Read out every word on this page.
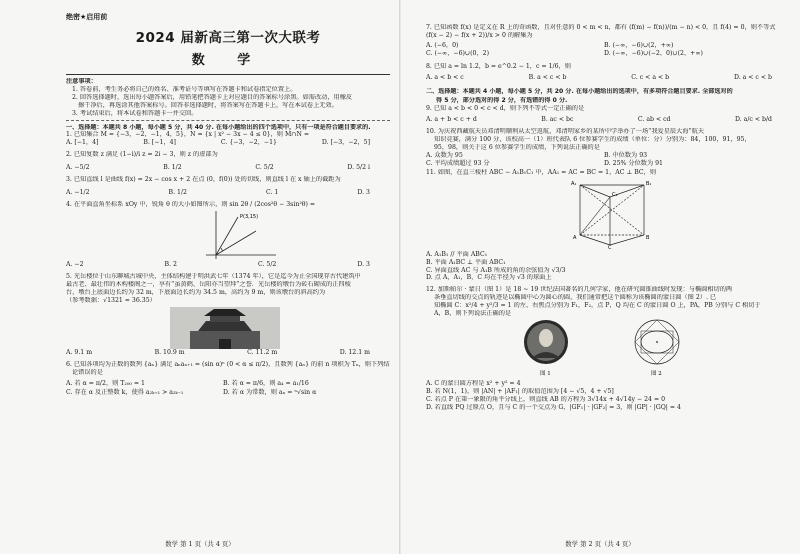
绝密★启用前
2024 届新高三第一次大联考
数 学
注意事项：
1. 答卷前，考生务必将自己的姓名、准考证号等填写在答题卡和试卷指定位置上。
2. 回答选择题时，选出每小题答案后，用铅笔把答题卡上对应题目的答案标号涂黑。如需改动，用橡皮
擦干净后，再选涂其他答案标号。回答非选择题时，将答案写在答题卡上，写在本试卷上无效。
3. 考试结束后，将本试卷和答题卡一并交回。
一、选择题：本题共 8 小题，每小题 5 分，共 40 分. 在每小题给出的四个选项中，只有一项是符合题目要求的.
1. 已知集合 M = {−3，−2，−1，4，5}，N = {x | x² − 3x − 4 ≤ 0}，则 M∩N =
A. [−1，4]	B. [−1，4]	C. {−3，−2，−1}	D. [−3，−2，5]
2. 已知复数 z 满足 (1−i)/i z = 2i − 3，则 z 的虚部为
A. −5/2	B. 1/2	C. 5/2	D. 5/2 i
3. 已知直线 l 是曲线 f(x) = 2x − cos x + 2 在点 (0，f(0)) 处的切线，则直线 l 在 x 轴上的截距为
A. −1/2	B. 1/2	C. 1	D. 3
4. 在平面直角坐标系 xOy 中，锐角 θ 的大小如图所示，则 sin 2θ / (2cos²θ − 3sin²θ) =
P(3,15)
A. −2	B. 2	C. 5/2	D. 3
5. 光岳楼位于山东聊城古城中央，主体结构建于明洪武七年（1374 年），它是迄今为止全国现存古代建筑中
最古老、最壮伟的木构楼阁之一，享有“虽黄鹤、岳阳亦当望拜”之誉．光岳楼的墩台为砖石砌成的正四棱
台，墩台上底面边长约为 32 m，下底面边长约为 34.5 m，高约为 9 m，则该墩台的斜高约为
（参考数据：√1321 ≈ 36.35）
A. 9.1 m	B. 10.9 m	C. 11.2 m	D. 12.1 m
6. 已知各项均为正数的数列 {aₙ} 满足 aₙaₙ₊₁ = (sin α)ⁿ (0 < α ≤ π/2)，且数列 {aₙ} 的前 n 项积为 Tₙ，则下列结
论错误的是
A. 若 α = π/2，则 T₂₀₀ = 1	B. 若 α = π/6，则 a₄ = a₁/16
C. 存在 α 及正整数 k，使得 a₂ₖ₊₁ > a₂ₖ₋₁	D. 若 α 为常数，则 aₙ = ⁿ√sin α
数学 第 1 页（共 4 页）
7. 已知函数 f(x) 是定义在 R 上的奇函数，且对任意的 0 < m < n，都有 (f(m) − f(n))/(m − n) < 0，且 f(4) = 0，则不等式
(f(x − 2) − f(x + 2))/x > 0 的解集为
A. (−6，0)	B. (−∞，−6)∪(2，+∞)
C. (−∞，−6)∪(0，2)	D. (−∞，−6)∪(−2，0)∪(2，+∞)
8. 已知 a = ln 1.2，b = e^0.2 − 1，c = 1/6，则
A. a < b < c	B. a < c < b	C. c < a < b	D. a < c < b
二、选择题：本题共 4 小题，每小题 5 分，共 20 分. 在每小题给出的选项中，有多项符合题目要求. 全部选对的
得 5 分，部分选对的得 2 分，有选错的得 0 分.
9. 已知 a < b < 0 < c < d，则下列不等式一定正确的是
A. a + b < c + d	B. ac < bc	C. ab < cd	D. a/c < b/d
10. 为庆祝西藏航天员邓清明顺利从太空返航，邓清明家乡的某所中学举办了一场“我爱星辰大海”航天
知识竞赛，满分 100 分，该校高一（1）班代表队 6 位参赛学生的成绩（单位：分）分别为：84，100，91，95，
95，98，则关于这 6 位参赛学生的成绩，下列说法正确的是
A. 众数为 95	B. 中位数为 93
C. 平均成绩超过 93 分	D. 25% 分位数为 91
11. 如图，在直三棱柱 ABC − A₁B₁C₁ 中，AA₁ = AC = BC = 1，AC ⊥ BC，则
A₁	B₁
C₁
A	B
C
A. A₁B₁ // 平面 ABC₁
B. 平面 A₁BC ⊥ 平面 ABC₁
C. 异面直线 AC 与 A₁B 所成的角的余弦值为 √3/3
D. 点 A，A₁，B，C 均在半径为 √3 的球面上
12. 加斯帕尔 · 蒙日（图 1）是 18 ~ 19 世纪法国著名的几何学家，他在研究圆锥曲线时发现：与椭圆相切的两
条垂直切线的交点的轨迹是以椭圆中心为圆心的圆，我们通常把这个圆称为该椭圆的蒙日圆（图 2）. 已
知椭圆 C：x²/4 + y²/3 = 1 的左、右焦点分别为 F₁，F₂，点 P，Q 均在 C 的蒙日圆 O 上，PA，PB 分别与 C 相切于
A，B，则下列说法正确的是
图 1	图 2
A. C 的蒙日圆方程是 x² + y² = 4
B. 若 N(1，1)，则 |AN| + |AF₁| 的取值范围为 [4 − √5，4 + √5]
C. 若点 P 在第一象限的角平分线上，则直线 AB 的方程为 3√14x + 4√14y − 24 = 0
D. 若直线 PQ 过原点 O，且与 C 的一个交点为 G，|GF₁| · |GF₂| = 3，则 |GP| · |GQ| = 4
数学 第 2 页（共 4 页）
